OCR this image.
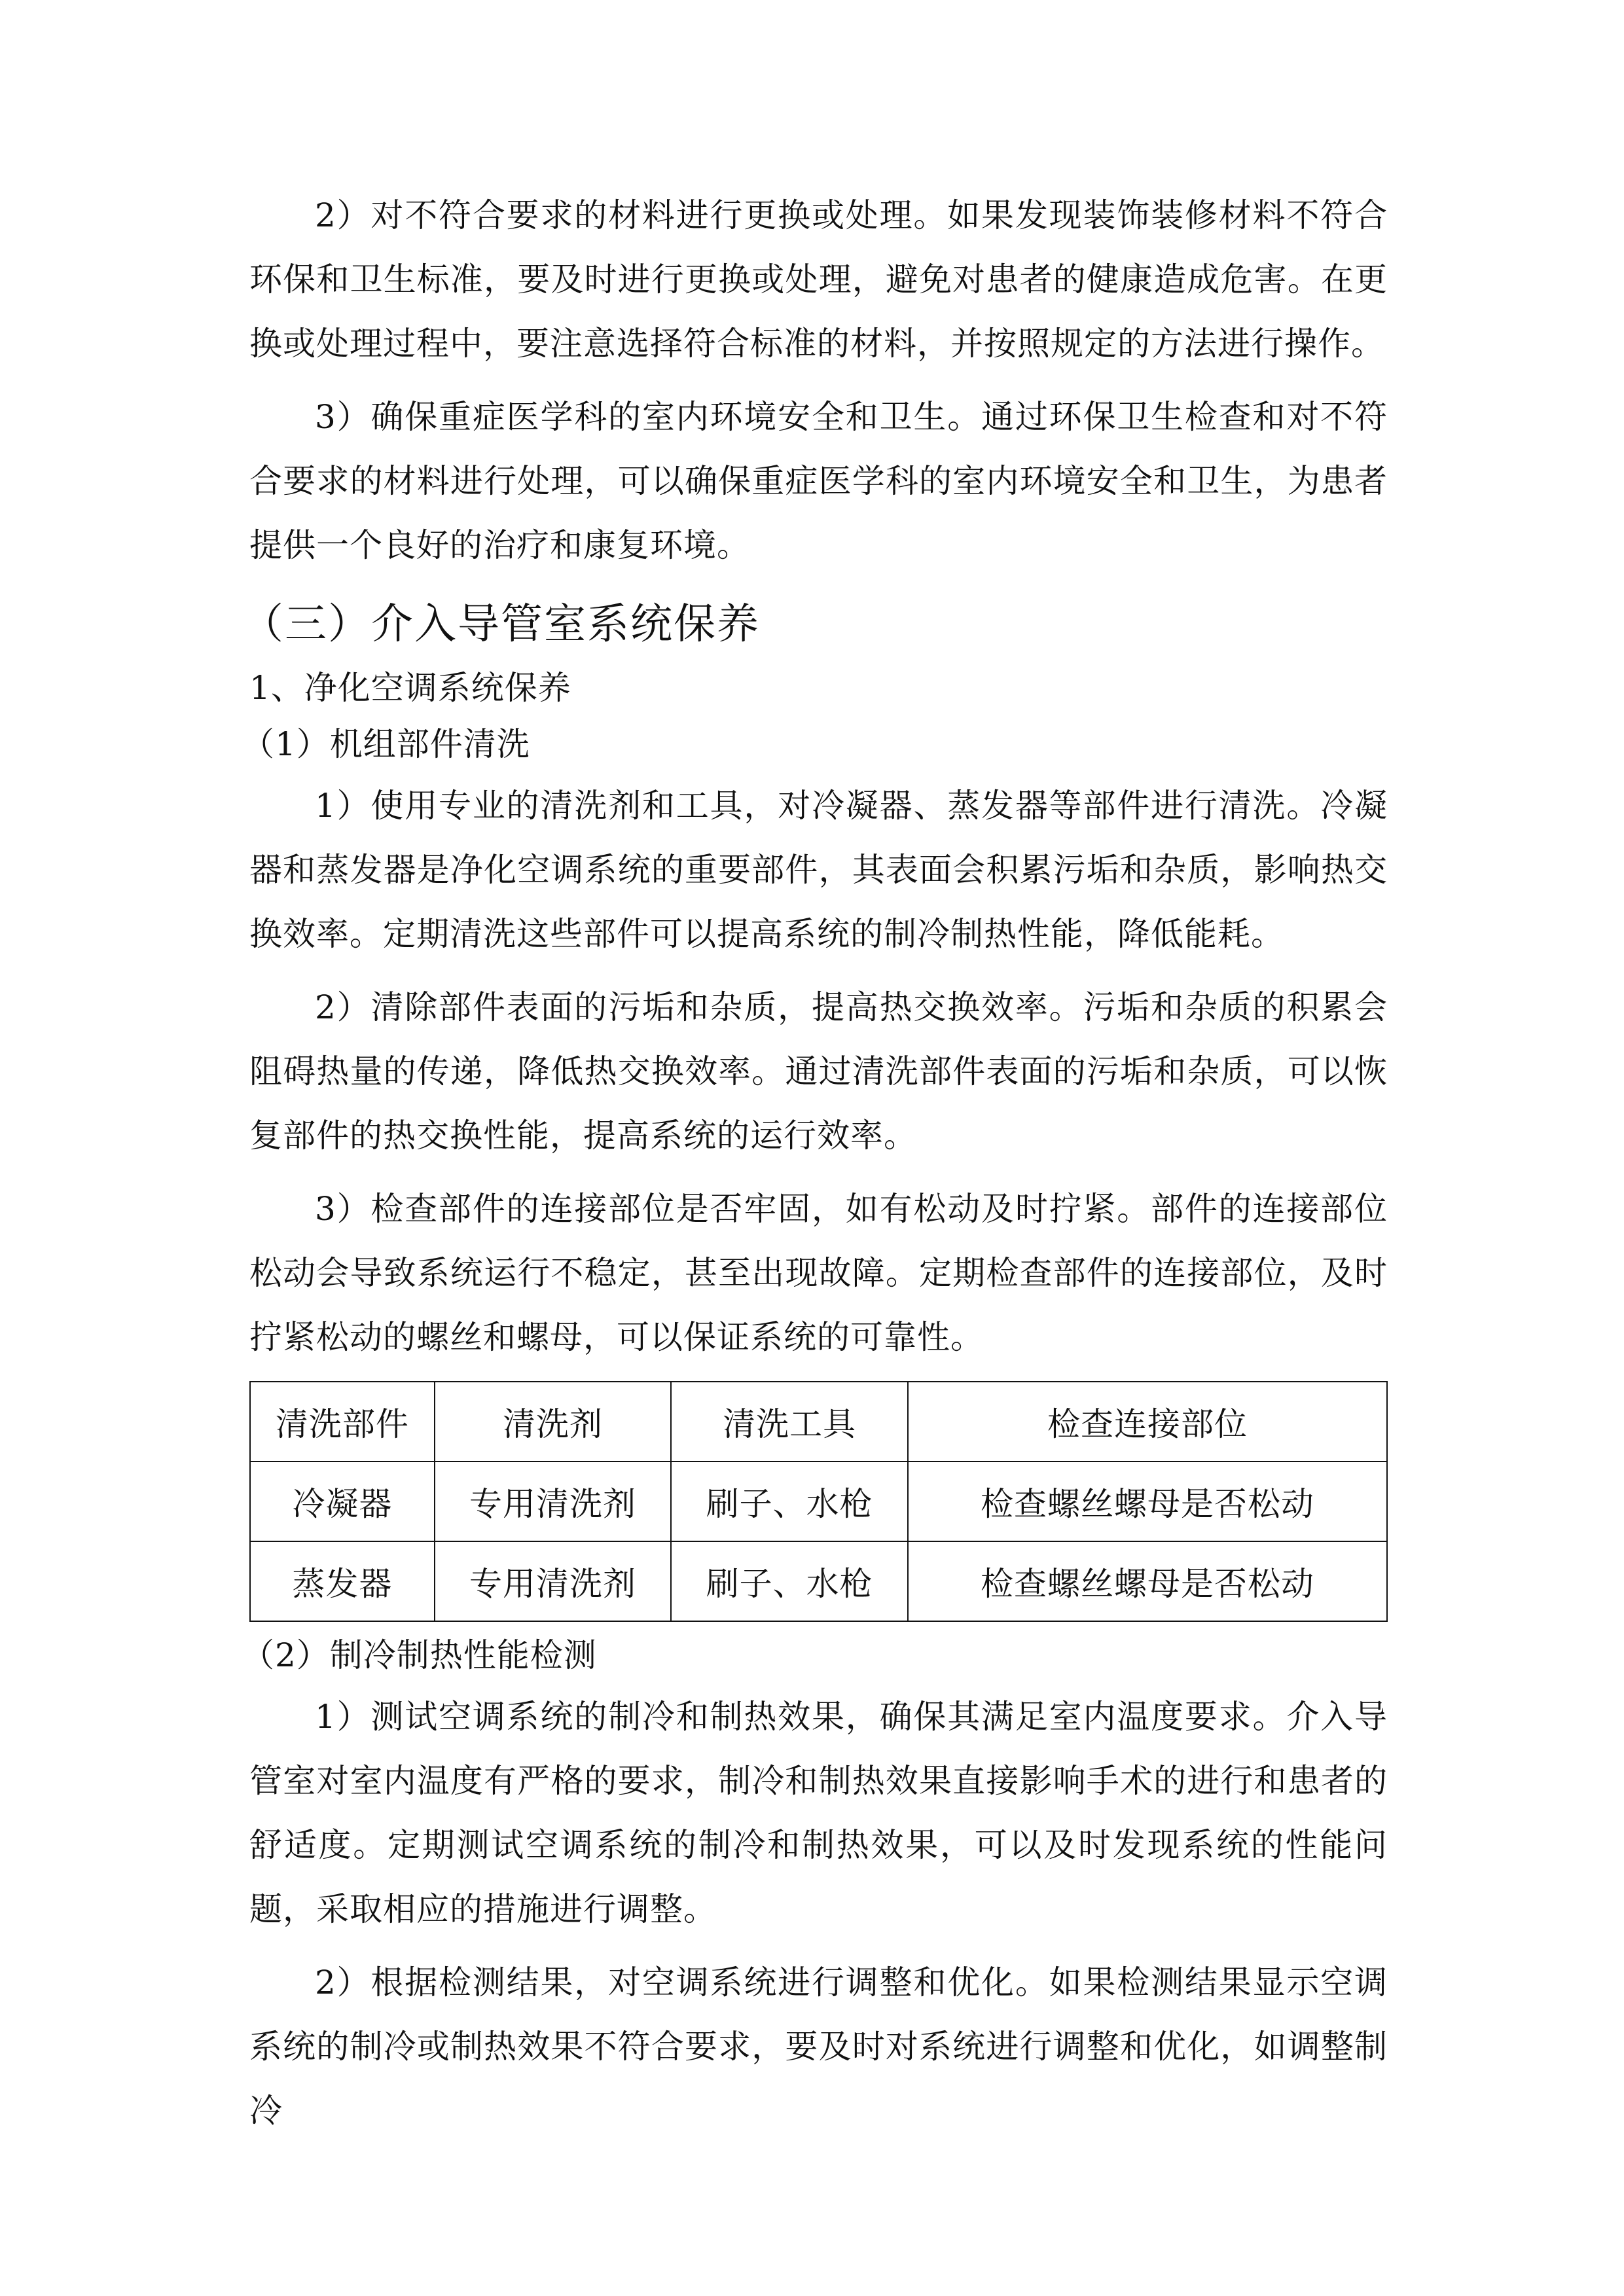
2）对不符合要求的材料进行更换或处理。如果发现装饰装修材料不符合环保和卫生标准，要及时进行更换或处理，避免对患者的健康造成危害。在更换或处理过程中，要注意选择符合标准的材料，并按照规定的方法进行操作。

3）确保重症医学科的室内环境安全和卫生。通过环保卫生检查和对不符合要求的材料进行处理，可以确保重症医学科的室内环境安全和卫生，为患者提供一个良好的治疗和康复环境。

（三）介入导管室系统保养
1、净化空调系统保养
（1）机组部件清洗

1）使用专业的清洗剂和工具，对冷凝器、蒸发器等部件进行清洗。冷凝器和蒸发器是净化空调系统的重要部件，其表面会积累污垢和杂质，影响热交换效率。定期清洗这些部件可以提高系统的制冷制热性能，降低能耗。

2）清除部件表面的污垢和杂质，提高热交换效率。污垢和杂质的积累会阻碍热量的传递，降低热交换效率。通过清洗部件表面的污垢和杂质，可以恢复部件的热交换性能，提高系统的运行效率。

3）检查部件的连接部位是否牢固，如有松动及时拧紧。部件的连接部位松动会导致系统运行不稳定，甚至出现故障。定期检查部件的连接部位，及时拧紧松动的螺丝和螺母，可以保证系统的可靠性。

清洗部件	清洗剂	清洗工具	检查连接部位
冷凝器	专用清洗剂	刷子、水枪	检查螺丝螺母是否松动
蒸发器	专用清洗剂	刷子、水枪	检查螺丝螺母是否松动
（2）制冷制热性能检测

1）测试空调系统的制冷和制热效果，确保其满足室内温度要求。介入导管室对室内温度有严格的要求，制冷和制热效果直接影响手术的进行和患者的舒适度。定期测试空调系统的制冷和制热效果，可以及时发现系统的性能问题，采取相应的措施进行调整。

2）根据检测结果，对空调系统进行调整和优化。如果检测结果显示空调系统的制冷或制热效果不符合要求，要及时对系统进行调整和优化，如调整制冷
